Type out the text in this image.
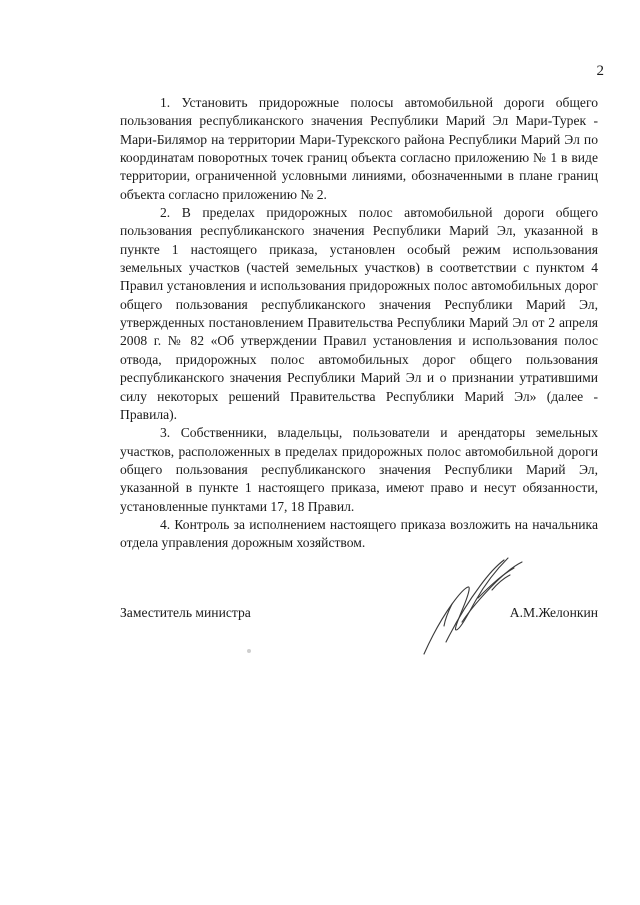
2

1. Установить придорожные полосы автомобильной дороги общего пользования республиканского значения Республики Марий Эл Мари-Турек - Мари-Билямор на территории Мари-Турекского района Республики Марий Эл по координатам поворотных точек границ объекта согласно приложению № 1 в виде территории, ограниченной условными линиями, обозначенными в плане границ объекта согласно приложению № 2.

2. В пределах придорожных полос автомобильной дороги общего пользования республиканского значения Республики Марий Эл, указанной в пункте 1 настоящего приказа, установлен особый режим использования земельных участков (частей земельных участков) в соответствии с пунктом 4 Правил установления и использования придорожных полос автомобильных дорог общего пользования республиканского значения Республики Марий Эл, утвержденных постановлением Правительства Республики Марий Эл от 2 апреля 2008 г. № 82 «Об утверждении Правил установления и использования полос отвода, придорожных полос автомобильных дорог общего пользования республиканского значения Республики Марий Эл и о признании утратившими силу некоторых решений Правительства Республики Марий Эл» (далее - Правила).

3. Собственники, владельцы, пользователи и арендаторы земельных участков, расположенных в пределах придорожных полос автомобильной дороги общего пользования республиканского значения Республики Марий Эл, указанной в пункте 1 настоящего приказа, имеют право и несут обязанности, установленные пунктами 17, 18 Правил.

4. Контроль за исполнением настоящего приказа возложить на начальника отдела управления дорожным хозяйством.

Заместитель министра	А.М.Желонкин
